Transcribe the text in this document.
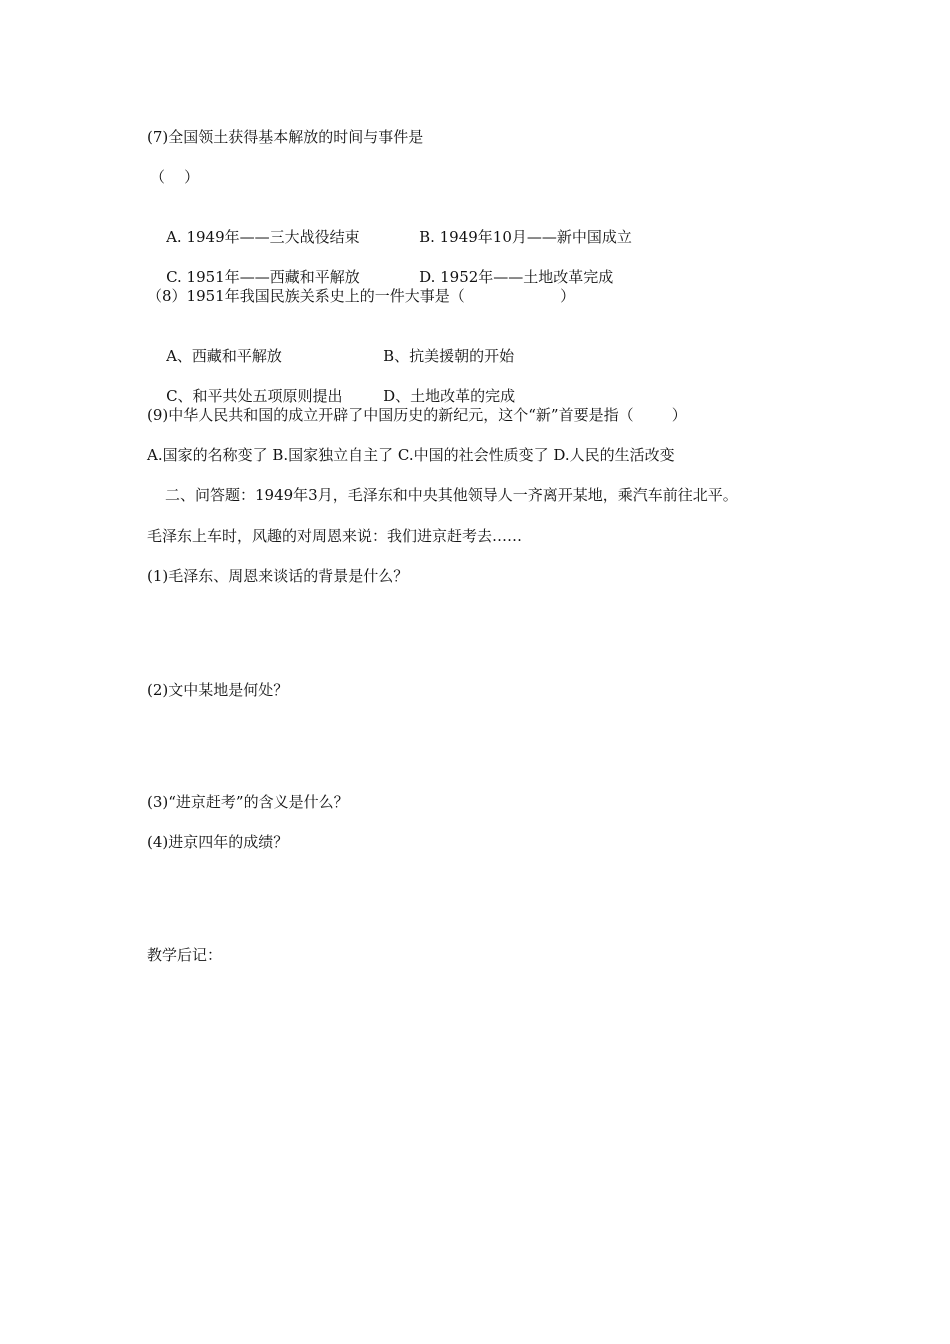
(7)全国领土获得基本解放的时间与事件是
（    ）

A. 1949年——三大战役结束	B. 1949年10月——新中国成立

C. 1951年——西藏和平解放	D. 1952年——土地改革完成

（8）1951年我国民族关系史上的一件大事是（                    ）

A、西藏和平解放	B、抗美援朝的开始

C、和平共处五项原则提出	D、土地改革的完成

(9)中华人民共和国的成立开辟了中国历史的新纪元，这个“新”首要是指（        ）
A.国家的名称变了 B.国家独立自主了 C.中国的社会性质变了 D.人民的生活改变
二、问答题：1949年3月，毛泽东和中央其他领导人一齐离开某地，乘汽车前往北平。
毛泽东上车时，风趣的对周恩来说：我们进京赶考去……
(1)毛泽东、周恩来谈话的背景是什么？
(2)文中某地是何处？
(3)“进京赶考”的含义是什么？
(4)进京四年的成绩？
教学后记：
